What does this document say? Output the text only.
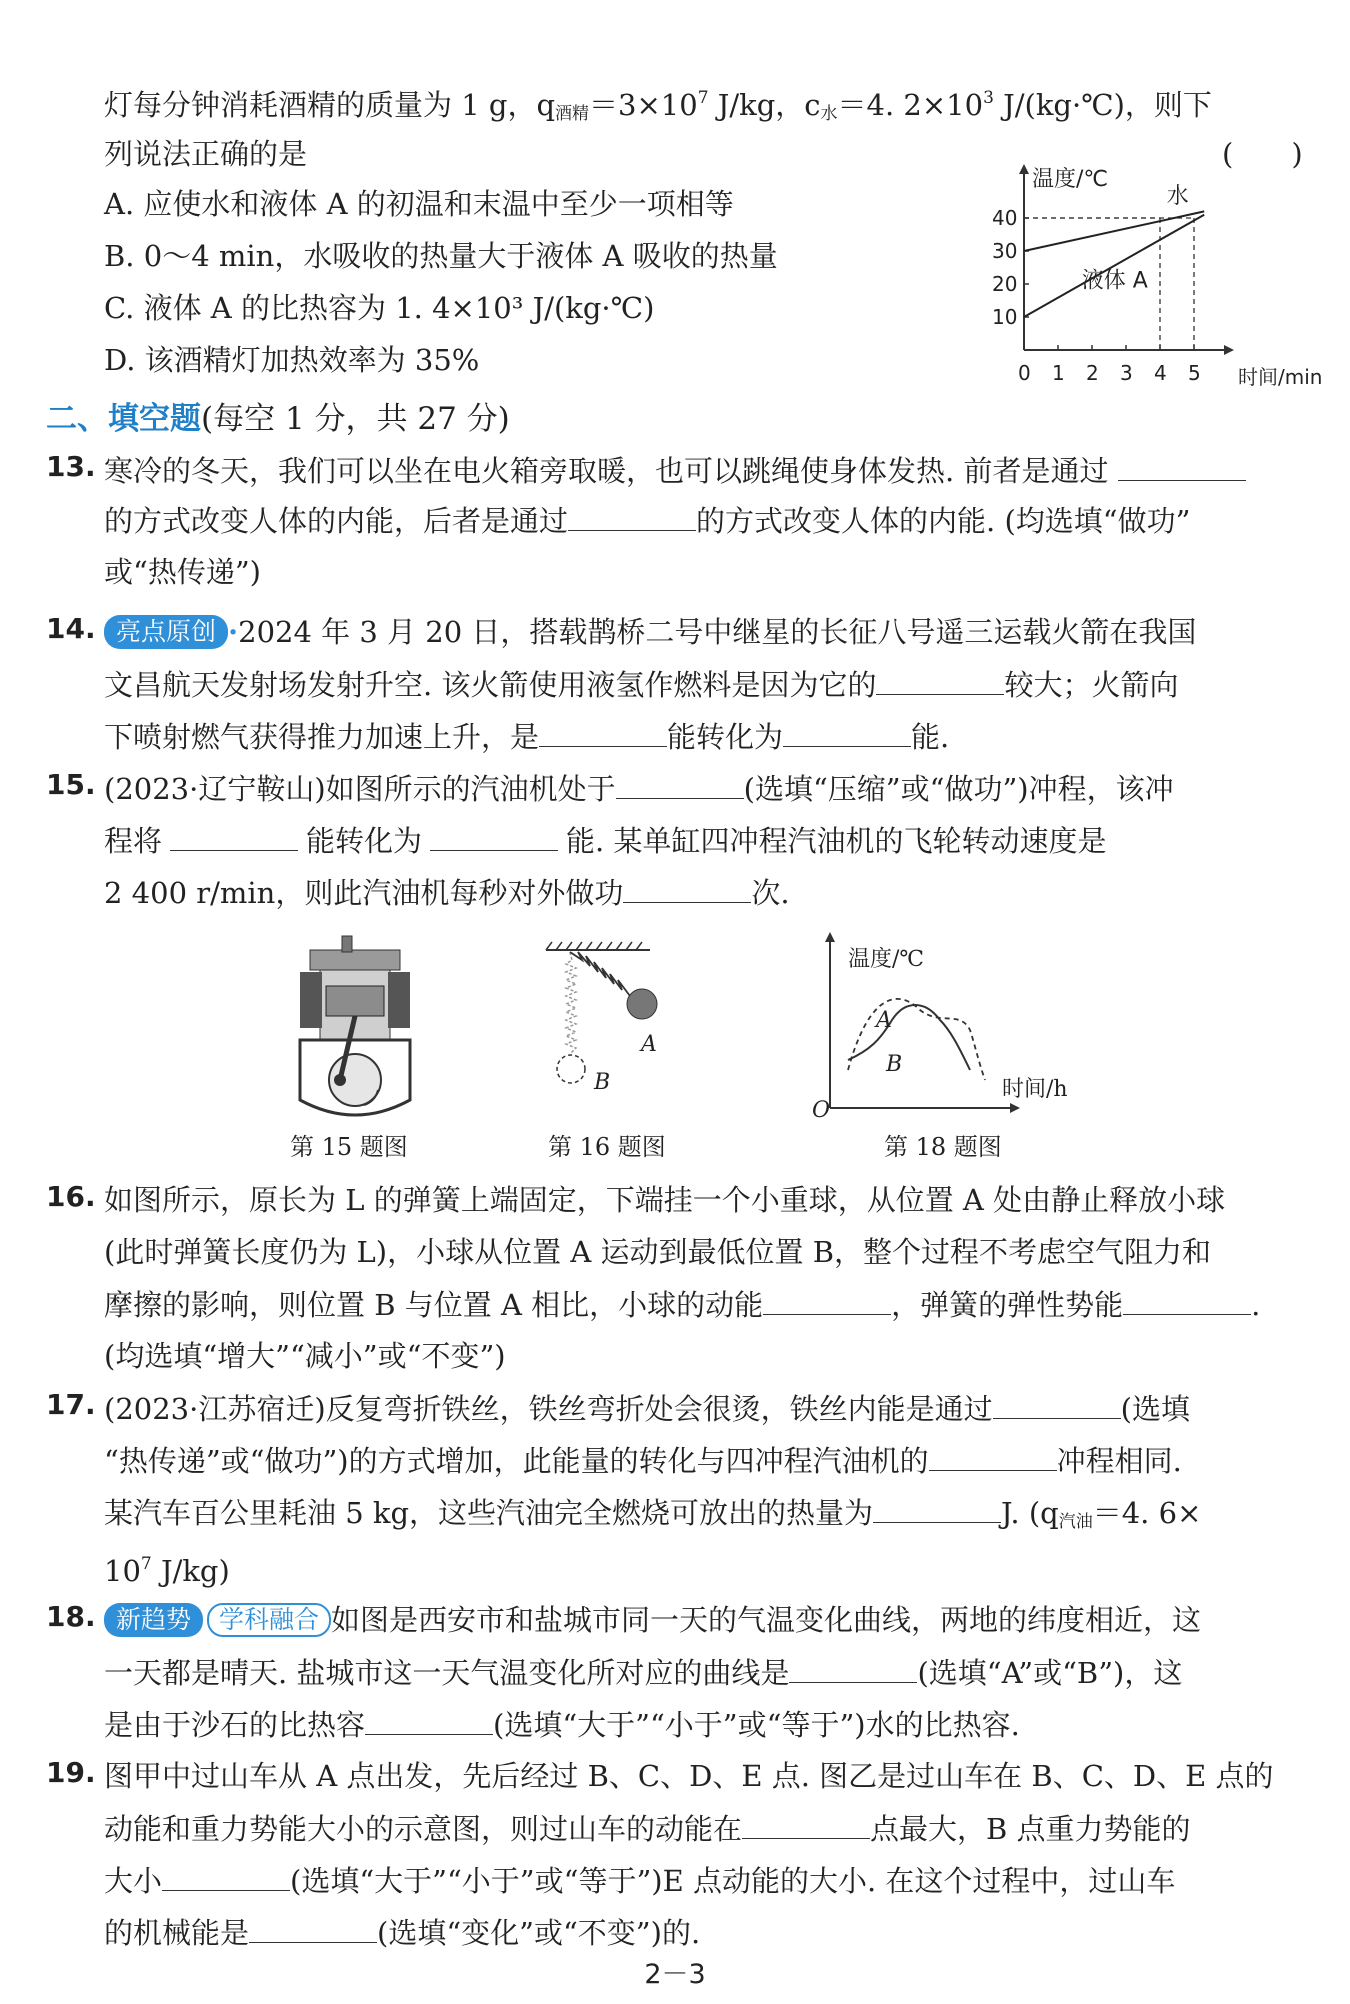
灯每分钟消耗酒精的质量为 1 g，$q_{酒精}=3\times 10^7$ J/kg，$c_水=4$. $2\times 10^3$ J/(kg·℃)，则下
列说法正确的是	(　　)
A. 应使水和液体 A 的初温和末温中至少一项相等
B. 0～4 min，水吸收的热量大于液体 A 吸收的热量
C. 液体 A 的比热容为 1. 4×10³ J/(kg·℃)
D. 该酒精灯加热效率为 35%
温度/℃
时间/min
0 1 2 3 4 5
10
20
30
40
水
液体 A
二、填空题(每空 1 分，共 27 分)
13. 寒冷的冬天，我们可以坐在电火箱旁取暖，也可以跳绳使身体发热. 前者是通过
的方式改变人体的内能，后者是通过	的方式改变人体的内能. (均选填“做功”
或“热传递”)
14. 亮点原创 ·2024 年 3 月 20 日，搭载鹊桥二号中继星的长征八号遥三运载火箭在我国
文昌航天发射场发射升空. 该火箭使用液氢作燃料是因为它的	较大；火箭向
下喷射燃气获得推力加速上升，是	能转化为	能.
15. (2023·辽宁鞍山)如图所示的汽油机处于	(选填“压缩”或“做功”)冲程，该冲
程将	能转化为	能. 某单缸四冲程汽油机的飞轮转动速度是
2 400 r/min，则此汽油机每秒对外做功	次.
第 15 题图
A
B
第 16 题图
温度/℃
时间/h
O
A
B
第 18 题图
16. 如图所示，原长为 L 的弹簧上端固定，下端挂一个小重球，从位置 A 处由静止释放小球
(此时弹簧长度仍为 L)，小球从位置 A 运动到最低位置 B，整个过程不考虑空气阻力和
摩擦的影响，则位置 B 与位置 A 相比，小球的动能	，弹簧的弹性势能	.
(均选填“增大”“减小”或“不变”)
17. (2023·江苏宿迁)反复弯折铁丝，铁丝弯折处会很烫，铁丝内能是通过	(选填
“热传递”或“做功”)的方式增加，此能量的转化与四冲程汽油机的	冲程相同.
某汽车百公里耗油 5 kg，这些汽油完全燃烧可放出的热量为	J. ($q_{汽油}=4$. 6×
$10^7$ J/kg)
18. 新趋势 学科融合 如图是西安市和盐城市同一天的气温变化曲线，两地的纬度相近，这
一天都是晴天. 盐城市这一天气温变化所对应的曲线是	(选填“A”或“B”)，这
是由于沙石的比热容	(选填“大于”“小于”或“等于”)水的比热容.
19. 图甲中过山车从 A 点出发，先后经过 B、C、D、E 点. 图乙是过山车在 B、C、D、E 点的
动能和重力势能大小的示意图，则过山车的动能在	点最大，B 点重力势能的
大小	(选填“大于”“小于”或“等于”)E 点动能的大小. 在这个过程中，过山车
的机械能是	(选填“变化”或“不变”)的.
2－3
